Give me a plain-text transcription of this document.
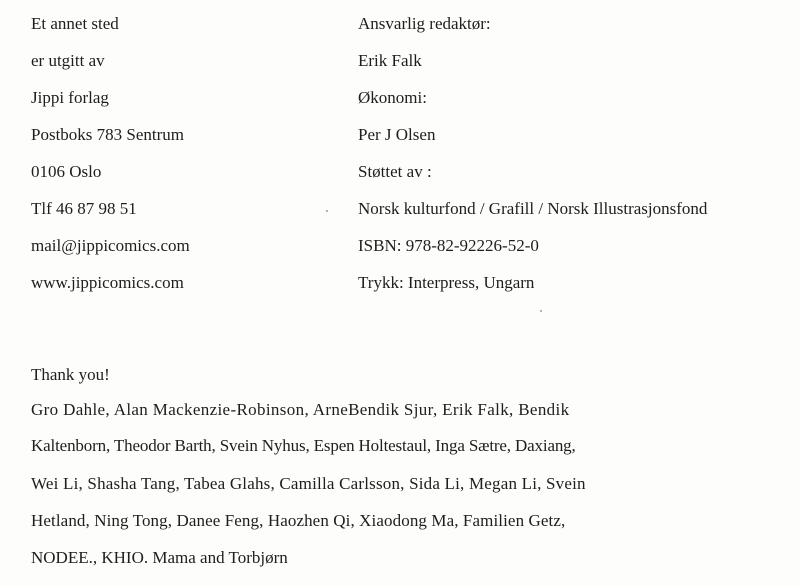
Et annet sted
er utgitt av
Jippi forlag
Postboks 783 Sentrum
0106 Oslo
Tlf 46 87 98 51
mail@jippicomics.com
www.jippicomics.com
Ansvarlig redaktør:
Erik Falk
Økonomi:
Per J Olsen
Støttet av :
Norsk kulturfond / Grafill / Norsk Illustrasjonsfond
ISBN: 978-82-92226-52-0
Trykk: Interpress, Ungarn
Thank you!
Gro Dahle, Alan Mackenzie-Robinson, ArneBendik Sjur, Erik Falk, Bendik
Kaltenborn, Theodor Barth, Svein Nyhus, Espen Holtestaul, Inga Sætre, Daxiang,
Wei Li, Shasha Tang, Tabea Glahs, Camilla Carlsson, Sida Li, Megan Li, Svein
Hetland, Ning Tong, Danee Feng, Haozhen Qi, Xiaodong Ma, Familien Getz,
NODEE., KHIO. Mama and Torbjørn
